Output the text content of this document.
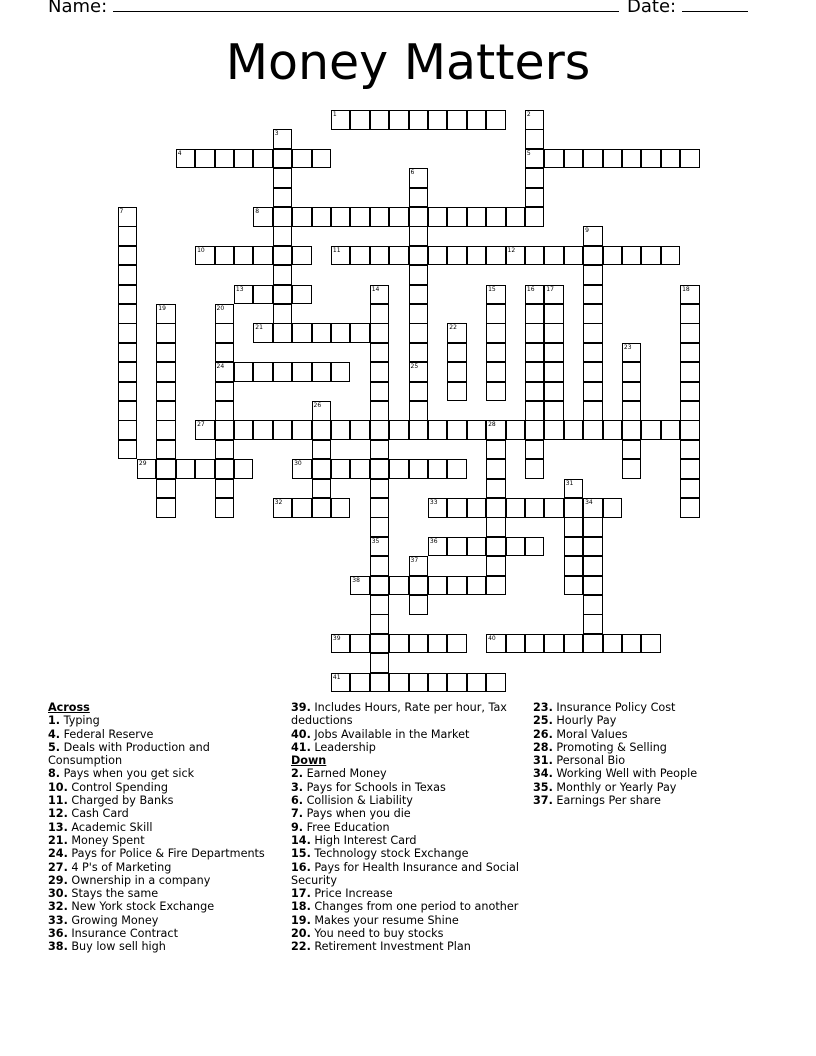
Name:	Date:
Money Matters
1
4	5
8
10	11	12
13
21
24
27	28
29	30
32	33	34
36
38
39	40
41
2
3
6
7
9
14
35
15	16 17	18
19	20
22
23
25
26
31
37
Across
1. Typing
4. Federal Reserve
5. Deals with Production and Consumption
8. Pays when you get sick
10. Control Spending
11. Charged by Banks
12. Cash Card
13. Academic Skill
21. Money Spent
24. Pays for Police & Fire Departments
27. 4 P's of Marketing
29. Ownership in a company
30. Stays the same
32. New York stock Exchange
33. Growing Money
36. Insurance Contract
38. Buy low sell high
39. Includes Hours, Rate per hour, Tax deductions
40. Jobs Available in the Market
41. Leadership
Down
2. Earned Money
3. Pays for Schools in Texas
6. Collision & Liability
7. Pays when you die
9. Free Education
14. High Interest Card
15. Technology stock Exchange
16. Pays for Health Insurance and Social Security
17. Price Increase
18. Changes from one period to another
19. Makes your resume Shine
20. You need to buy stocks
22. Retirement Investment Plan
23. Insurance Policy Cost
25. Hourly Pay
26. Moral Values
28. Promoting & Selling
31. Personal Bio
34. Working Well with People
35. Monthly or Yearly Pay
37. Earnings Per share
